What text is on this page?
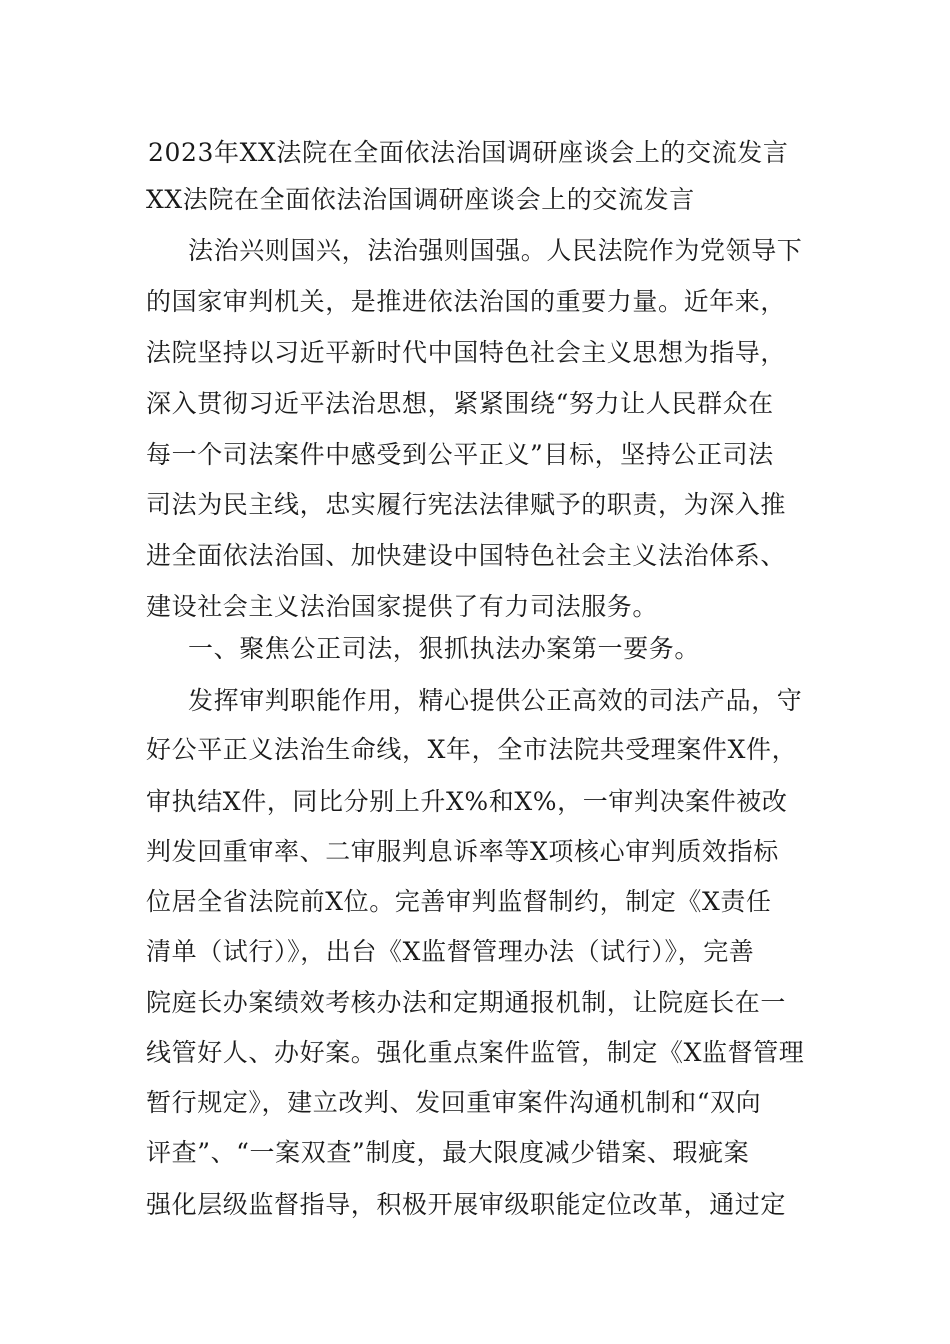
2023年XX法院在全面依法治国调研座谈会上的交流发言
XX法院在全面依法治国调研座谈会上的交流发言
法治兴则国兴，法治强则国强。人民法院作为党领导下
的国家审判机关，是推进依法治国的重要力量。近年来，
法院坚持以习近平新时代中国特色社会主义思想为指导，
深入贯彻习近平法治思想，紧紧围绕“努力让人民群众在
每一个司法案件中感受到公平正义”目标，坚持公正司法
司法为民主线，忠实履行宪法法律赋予的职责，为深入推
进全面依法治国、加快建设中国特色社会主义法治体系、
建设社会主义法治国家提供了有力司法服务。
一、聚焦公正司法，狠抓执法办案第一要务。
发挥审判职能作用，精心提供公正高效的司法产品，守
好公平正义法治生命线，X年，全市法院共受理案件X件，
审执结X件，同比分别上升X%和X%，一审判决案件被改
判发回重审率、二审服判息诉率等X项核心审判质效指标
位居全省法院前X位。完善审判监督制约，制定《X责任
清单（试行）》，出台《X监督管理办法（试行）》，完善
院庭长办案绩效考核办法和定期通报机制，让院庭长在一
线管好人、办好案。强化重点案件监管，制定《X监督管理
暂行规定》，建立改判、发回重审案件沟通机制和“双向
评查”、“一案双查”制度，最大限度减少错案、瑕疵案
强化层级监督指导，积极开展审级职能定位改革，通过定
